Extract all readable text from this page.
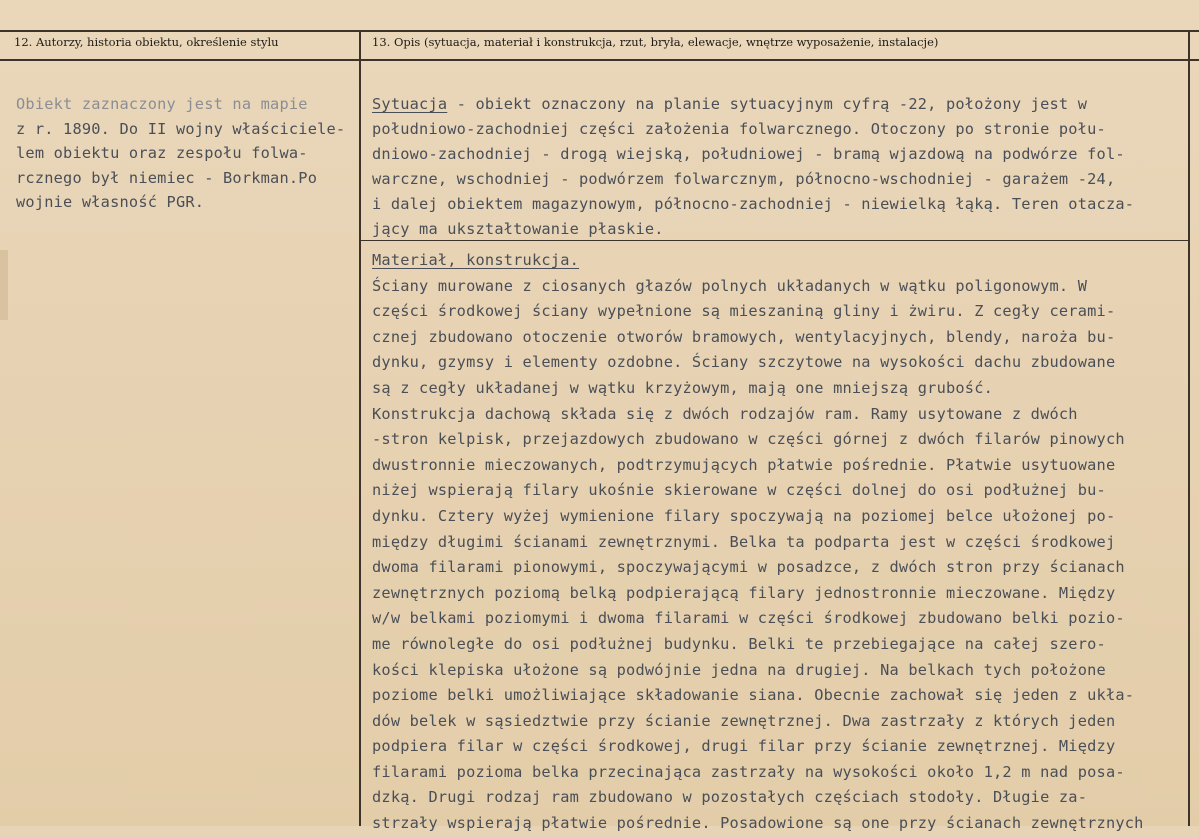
12. Autorzy, historia obiektu, określenie stylu	13. Opis (sytuacja, materiał i konstrukcja, rzut, bryła, elewacje, wnętrze wyposażenie, instalacje)
Obiekt zaznaczony jest na mapie
z r. 1890. Do II wojny właściciele-
lem obiektu oraz zespołu folwa-
rcznego był niemiec - Borkman.Po
wojnie własność PGR.
Sytuacja - obiekt oznaczony na planie sytuacyjnym cyfrą -22, położony jest w
południowo-zachodniej części założenia folwarcznego. Otoczony po stronie połu-
dniowo-zachodniej - drogą wiejską, południowej - bramą wjazdową na podwórze fol-
warczne, wschodniej - podwórzem folwarcznym, północno-wschodniej - garażem -24,
i dalej obiektem magazynowym, północno-zachodniej - niewielką łąką. Teren otacza-
jący ma ukształtowanie płaskie.
Materiał, konstrukcja.
Ściany murowane z ciosanych głazów polnych układanych w wątku poligonowym. W
części środkowej ściany wypełnione są mieszaniną gliny i żwiru. Z cegły cerami-
cznej zbudowano otoczenie otworów bramowych, wentylacyjnych, blendy, naroża bu-
dynku, gzymsy i elementy ozdobne. Ściany szczytowe na wysokości dachu zbudowane
są z cegły układanej w wątku krzyżowym, mają one mniejszą grubość.
Konstrukcja dachową składa się z dwóch rodzajów ram. Ramy usytowane z dwóch
-stron kelpisk, przejazdowych zbudowano w części górnej z dwóch filarów pinowych
dwustronnie mieczowanych, podtrzymujących płatwie pośrednie. Płatwie usytuowane
niżej wspierają filary ukośnie skierowane w części dolnej do osi podłużnej bu-
dynku. Cztery wyżej wymienione filary spoczywają na poziomej belce ułożonej po-
między długimi ścianami zewnętrznymi. Belka ta podparta jest w części środkowej
dwoma filarami pionowymi, spoczywającymi w posadzce, z dwóch stron przy ścianach
zewnętrznych poziomą belką podpierającą filary jednostronnie mieczowane. Między
w/w belkami poziomymi i dwoma filarami w części środkowej zbudowano belki pozio-
me równoległe do osi podłużnej budynku. Belki te przebiegające na całej szero-
kości klepiska ułożone są podwójnie jedna na drugiej. Na belkach tych położone
poziome belki umożliwiające składowanie siana. Obecnie zachował się jeden z ukła-
dów belek w sąsiedztwie przy ścianie zewnętrznej. Dwa zastrzały z których jeden
podpiera filar w części środkowej, drugi filar przy ścianie zewnętrznej. Między
filarami pozioma belka przecinająca zastrzały na wysokości około 1,2 m nad posa-
dzką. Drugi rodzaj ram zbudowano w pozostałych częściach stodoły. Długie za-
strzały wspierają płatwie pośrednie. Posadowione są one przy ścianach zewnętrznych
